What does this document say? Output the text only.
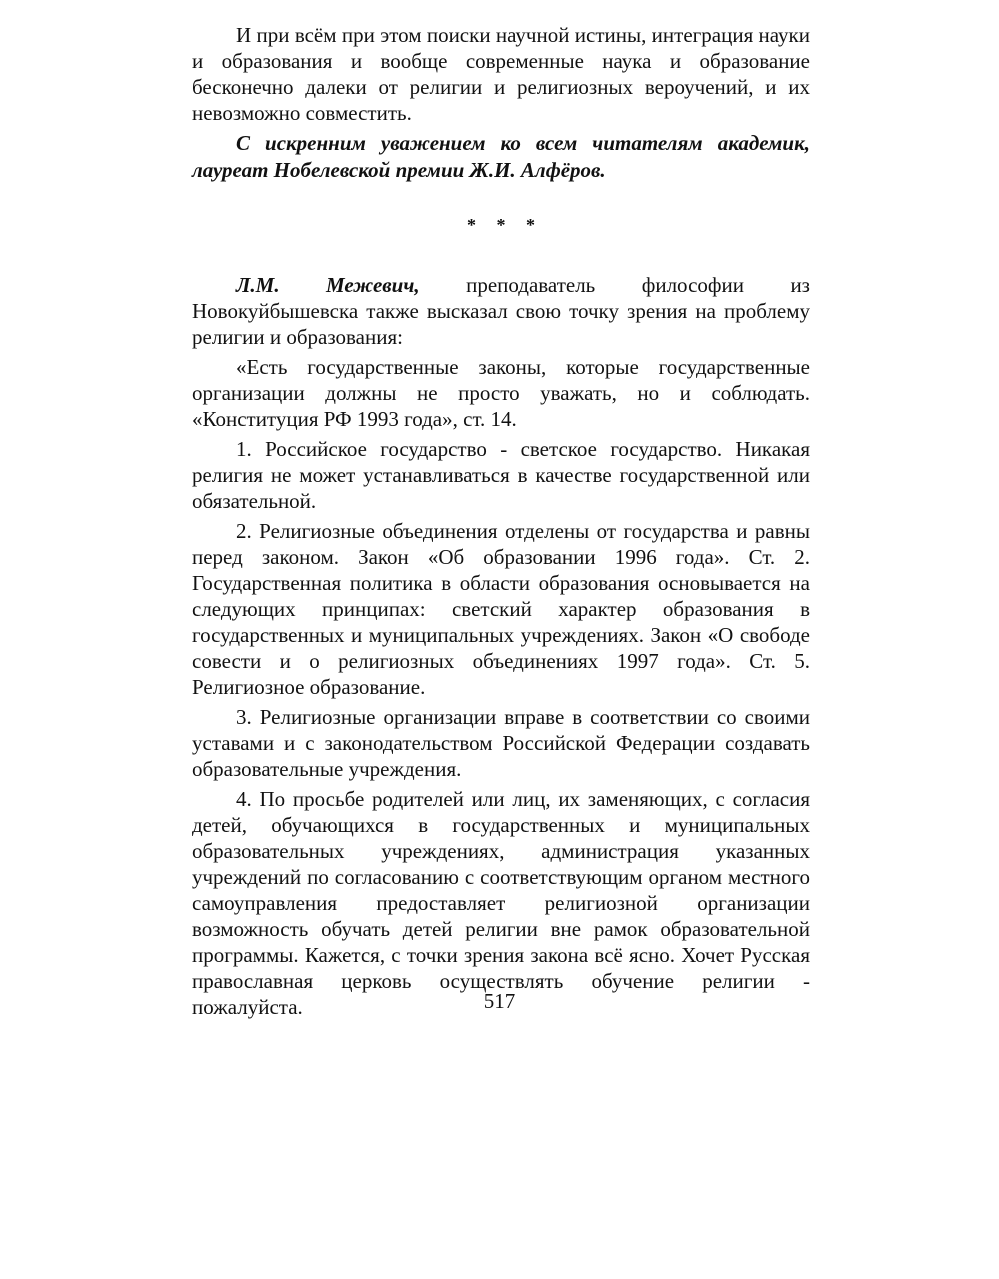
И при всём при этом поиски научной истины, интеграция науки и образования и вообще современные наука и образование бесконечно далеки от религии и религиозных вероучений, и их невозможно совместить.

С искренним уважением ко всем читателям академик, лауреат Нобелевской премии Ж.И. Алфёров.

* * *

Л.М. Межевич, преподаватель философии из Новокуйбышевска также высказал свою точку зрения на проблему религии и образования:

«Есть государственные законы, которые государственные организации должны не просто уважать, но и соблюдать. «Конституция РФ 1993 года», ст. 14.

1. Российское государство - светское государство. Никакая религия не может устанавливаться в качестве государственной или обязательной.

2. Религиозные объединения отделены от государства и равны перед законом. Закон «Об образовании 1996 года». Ст. 2. Государственная политика в области образования основывается на следующих принципах: светский характер образования в государственных и муниципальных учреждениях. Закон «О свободе совести и о религиозных объединениях 1997 года». Ст. 5. Религиозное образование.

3. Религиозные организации вправе в соответствии со своими уставами и с законодательством Российской Федерации создавать образовательные учреждения.

4. По просьбе родителей или лиц, их заменяющих, с согласия детей, обучающихся в государственных и муниципальных образовательных учреждениях, администрация указанных учреждений по согласованию с соответствующим органом местного самоуправления предоставляет религиозной организации возможность обучать детей религии вне рамок образовательной программы. Кажется, с точки зрения закона всё ясно. Хочет Русская православная церковь осуществлять обучение религии - пожалуйста.	517
